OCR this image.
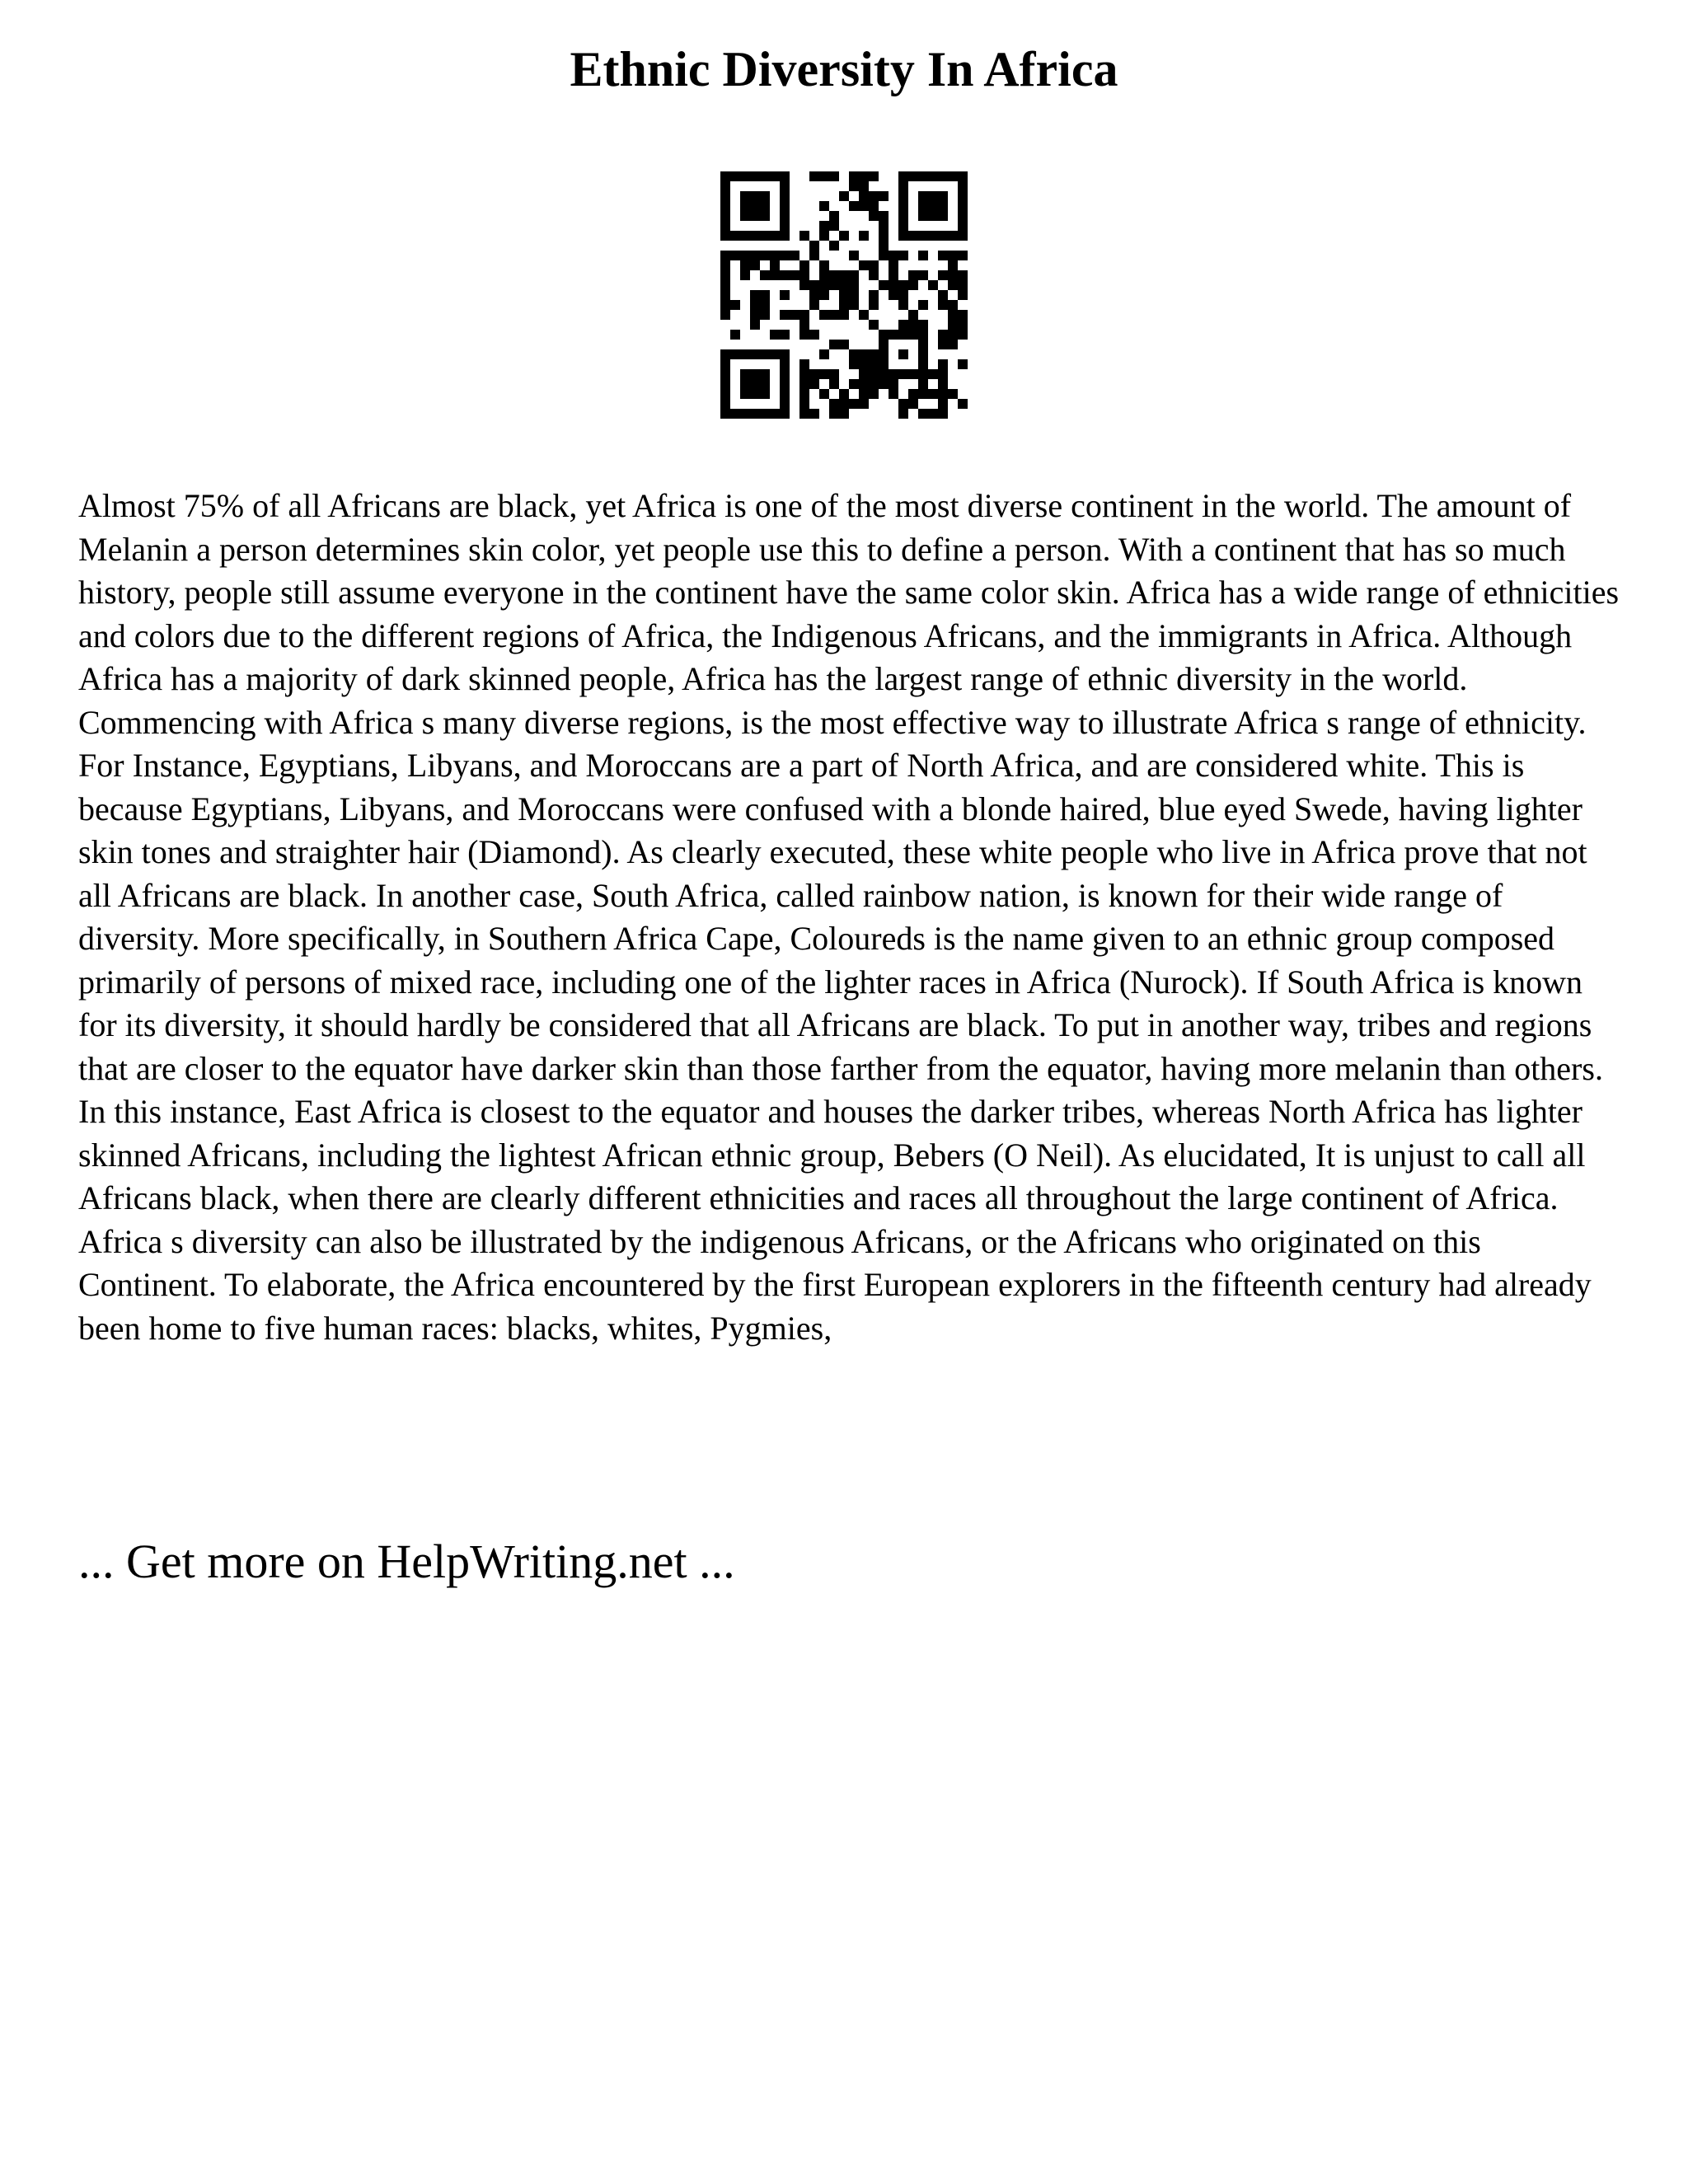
Ethnic Diversity In Africa

Almost 75% of all Africans are black, yet Africa is one of the most diverse continent in the world. The amount of Melanin a person determines skin color, yet people use this to define a person. With a continent that has so much history, people still assume everyone in the continent have the same color skin. Africa has a wide range of ethnicities and colors due to the different regions of Africa, the Indigenous Africans, and the immigrants in Africa. Although Africa has a majority of dark skinned people, Africa has the largest range of ethnic diversity in the world.

Commencing with Africa s many diverse regions, is the most effective way to illustrate Africa s range of ethnicity. For Instance, Egyptians, Libyans, and Moroccans are a part of North Africa, and are considered white. This is because Egyptians, Libyans, and Moroccans were confused with a blonde haired, blue eyed Swede, having lighter skin tones and straighter hair (Diamond). As clearly executed, these white people who live in Africa prove that not all Africans are black. In another case, South Africa, called rainbow nation, is known for their wide range of diversity. More specifically, in Southern Africa Cape, Coloureds is the name given to an ethnic group composed primarily of persons of mixed race, including one of the lighter races in Africa (Nurock). If South Africa is known for its diversity, it should hardly be considered that all Africans are black. To put in another way, tribes and regions that are closer to the equator have darker skin than those farther from the equator, having more melanin than others. In this instance, East Africa is closest to the equator and houses the darker tribes, whereas North Africa has lighter skinned Africans, including the lightest African ethnic group, Bebers (O Neil). As elucidated, It is unjust to call all Africans black, when there are clearly different ethnicities and races all throughout the large continent of Africa.

Africa s diversity can also be illustrated by the indigenous Africans, or the Africans who originated on this Continent. To elaborate, the Africa encountered by the first European explorers in the fifteenth century had already been home to five human races: blacks, whites, Pygmies,

... Get more on HelpWriting.net ...
